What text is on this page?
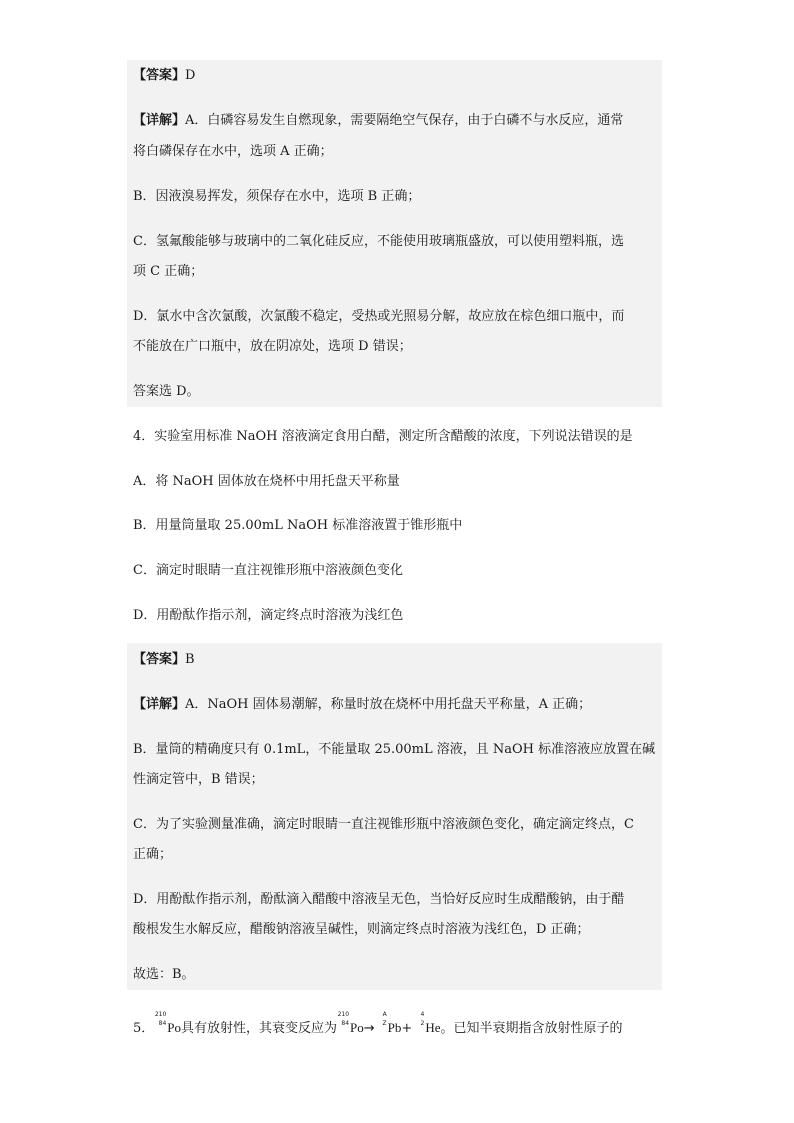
【答案】D
【详解】A．白磷容易发生自燃现象，需要隔绝空气保存，由于白磷不与水反应，通常
将白磷保存在水中，选项 A 正确；
B．因液溴易挥发，须保存在水中，选项 B 正确；
C．氢氟酸能够与玻璃中的二氧化硅反应，不能使用玻璃瓶盛放，可以使用塑料瓶，选
项 C 正确；
D．氯水中含次氯酸，次氯酸不稳定，受热或光照易分解，故应放在棕色细口瓶中，而
不能放在广口瓶中，放在阴凉处，选项 D 错误；
答案选 D。
4．实验室用标准 NaOH 溶液滴定食用白醋，测定所含醋酸的浓度，下列说法错误的是
A．将 NaOH 固体放在烧杯中用托盘天平称量
B．用量筒量取 25.00mL NaOH 标准溶液置于锥形瓶中
C．滴定时眼睛一直注视锥形瓶中溶液颜色变化
D．用酚酞作指示剂，滴定终点时溶液为浅红色
【答案】B
【详解】A．NaOH 固体易潮解，称量时放在烧杯中用托盘天平称量，A 正确；
B．量筒的精确度只有 0.1mL，不能量取 25.00mL 溶液，且 NaOH 标准溶液应放置在碱
性滴定管中，B 错误；
C．为了实验测量准确，滴定时眼睛一直注视锥形瓶中溶液颜色变化，确定滴定终点，C
正确；
D．用酚酞作指示剂，酚酞滴入醋酸中溶液呈无色，当恰好反应时生成醋酸钠，由于醋
酸根发生水解反应，醋酸钠溶液呈碱性，则滴定终点时溶液为浅红色，D 正确；
故选：B。
5．
210
84 Po具有放射性，其衰变反应为
210
84 Po→
A
Z Pb+
4
2 He。已知半衰期指含放射性原子的
